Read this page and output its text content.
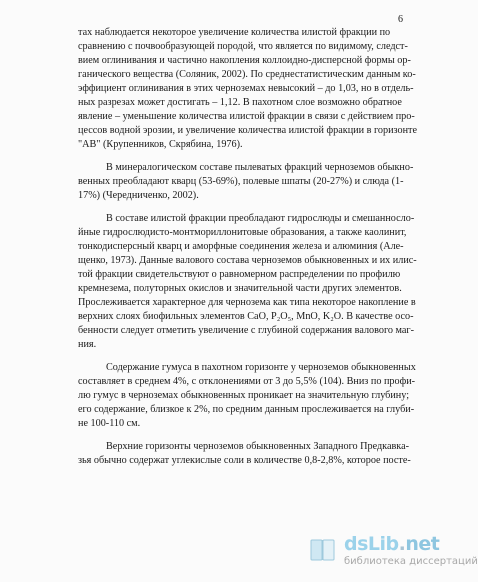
6
тах наблюдается некоторое увеличение количества илистой фракции по
сравнению с почвообразующей породой, что является по видимому, следст-
вием оглинивания и частично накопления коллоидно-дисперсной формы ор-
ганического вещества (Соляник, 2002). По среднестатистическим данным ко-
эффициент оглинивания в этих черноземах невысокий – до 1,03, но в отдель-
ных разрезах может достигать – 1,12. В пахотном слое возможно обратное
явление – уменьшение количества илистой фракции в связи с действием про-
цессов водной эрозии, и увеличение количества илистой фракции в горизонте
"АВ" (Крупенников, Скрябина, 1976).
В минералогическом составе пылеватых фракций черноземов обыкно-
венных преобладают кварц (53-69%), полевые шпаты (20-27%) и слюда (1-
17%) (Чередниченко, 2002).
В составе илистой фракции преобладают гидрослюды и смешанносло-
йные гидрослюдисто-монтмориллонитовые образования, а также каолинит,
тонкодисперсный кварц и аморфные соединения железа и алюминия (Але-
щенко, 1973). Данные валового состава черноземов обыкновенных и их илис-
той фракции свидетельствуют о равномерном распределении по профилю
кремнезема, полуторных окислов и значительной части других элементов.
Прослеживается характерное для чернозема как типа некоторое накопление в
верхних слоях биофильных элементов CaO, P₂O₅, MnO, K₂O. В качестве осо-
бенности следует отметить увеличение с глубиной содержания валового маг-
ния.
Содержание гумуса в пахотном горизонте у черноземов обыкновенных
составляет в среднем 4%, с отклонениями от 3 до 5,5% (104). Вниз по профи-
лю гумус в черноземах обыкновенных проникает на значительную глубину;
его содержание, близкое к 2%, по средним данным прослеживается на глуби-
не 100-110 см.
Верхние горизонты черноземов обыкновенных Западного Предкавка-
зья обычно содержат углекислые соли в количестве 0,8-2,8%, которое посте-
dsLib.net
библиотека диссертаций
